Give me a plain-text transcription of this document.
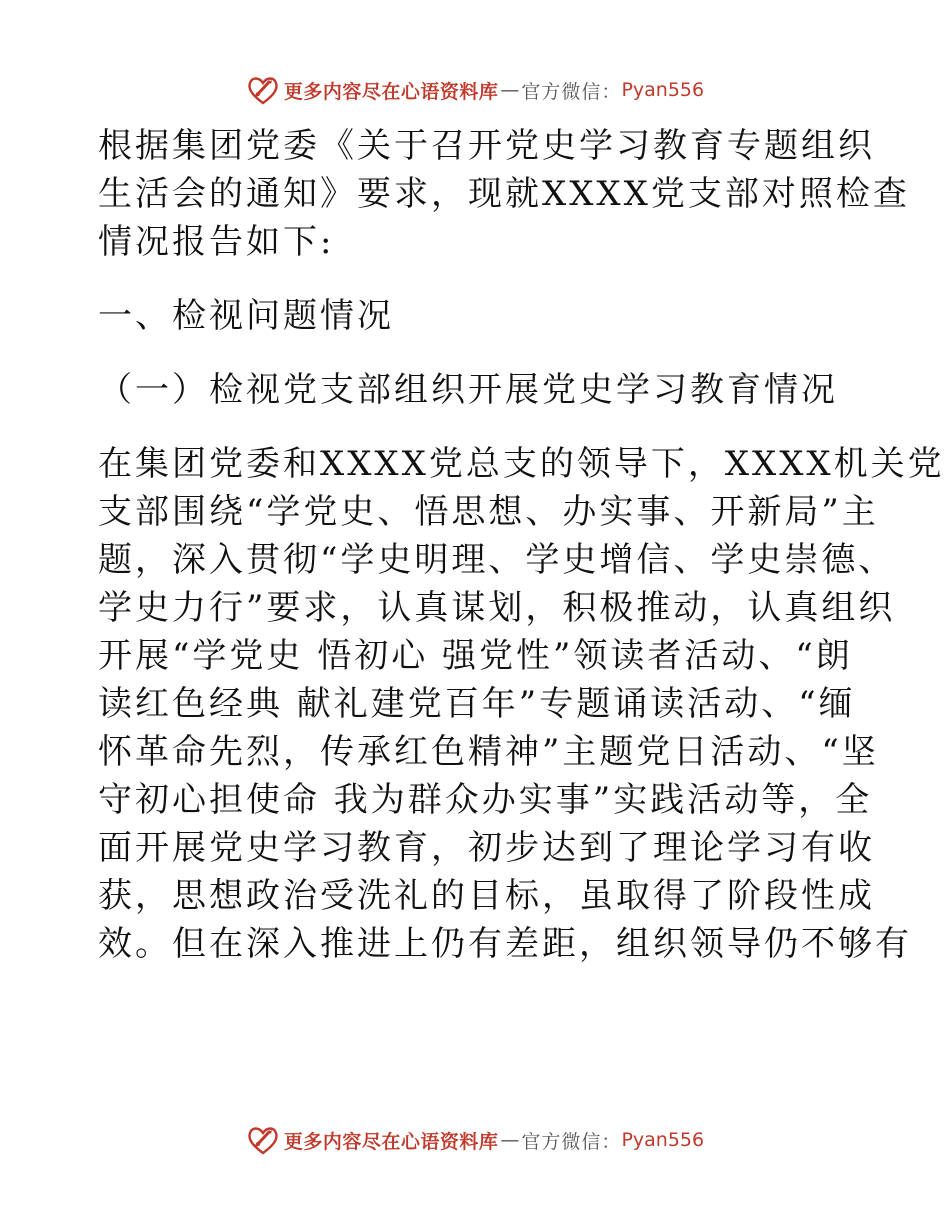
更多内容尽在心语资料库 — 官方微信： Pyan556
根据集团党委《关于召开党史学习教育专题组织
生活会的通知》要求，现就XXXX党支部对照检查
情况报告如下:
一、检视问题情况
（一）检视党支部组织开展党史学习教育情况
在集团党委和XXXX党总支的领导下，XXXX机关党
支部围绕“学党史、悟思想、办实事、开新局”主
题，深入贯彻“学史明理、学史增信、学史崇德、
学史力行”要求，认真谋划，积极推动，认真组织
开展“学党史 悟初心 强党性”领读者活动、“朗
读红色经典 献礼建党百年”专题诵读活动、“缅
怀革命先烈，传承红色精神”主题党日活动、“坚
守初心担使命 我为群众办实事”实践活动等，全
面开展党史学习教育，初步达到了理论学习有收
获，思想政治受洗礼的目标，虽取得了阶段性成
效。但在深入推进上仍有差距，组织领导仍不够有
更多内容尽在心语资料库 — 官方微信： Pyan556
